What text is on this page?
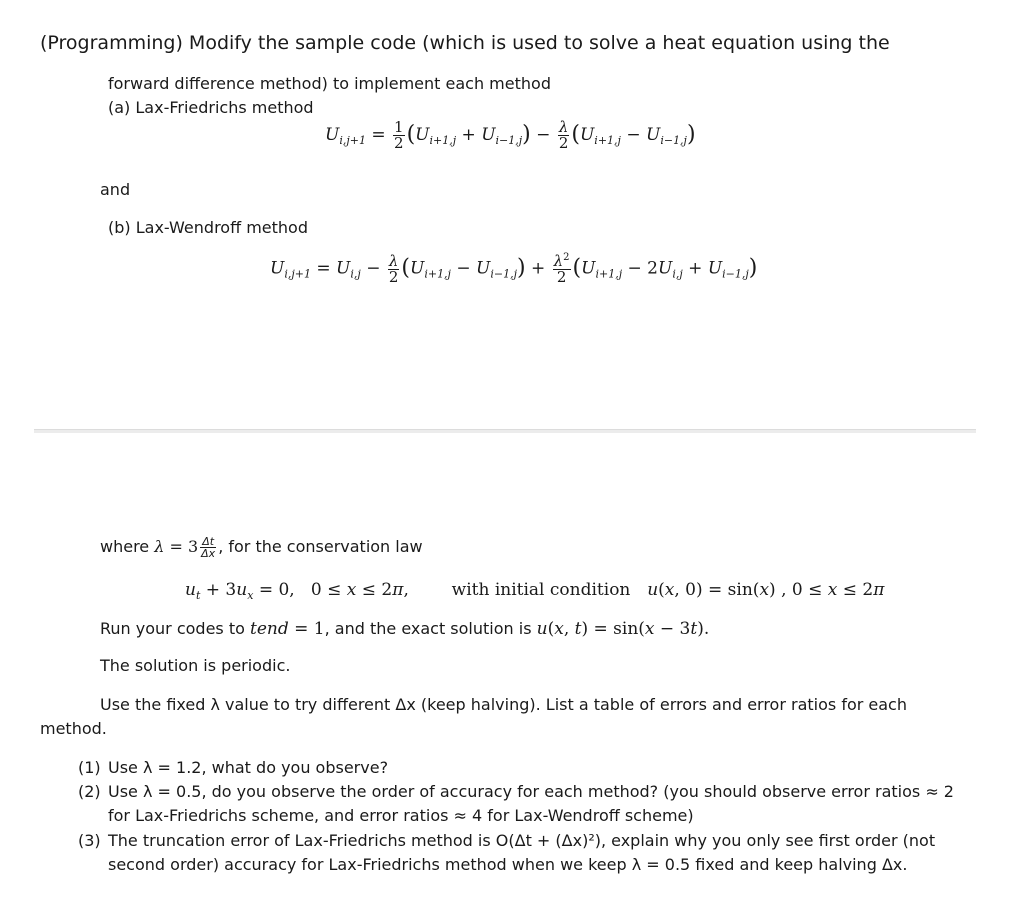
(Programming) Modify the sample code (which is used to solve a heat equation using the
forward difference method) to implement each method
(a) Lax-Friedrichs method
$U_{i,j+1} = \frac{1}{2} (U_{i+1,j} + U_{i-1,j}) - \frac{\lambda}{2} (U_{i+1,j} - U_{i-1,j})$
and
(b) Lax-Wendroff method
$U_{i,j+1} = U_{i,j} - \frac{\lambda}{2} (U_{i+1,j} - U_{i-1,j}) + \frac{\lambda^2}{2} (U_{i+1,j} - 2U_{i,j} + U_{i-1,j})$
where $\lambda = 3 \frac{\Delta t}{\Delta x}$ , for the conservation law
$u_t + 3u_x = 0$,   0 ≤ x ≤ 2π,  with initial condition u(x, 0) = sin(x) , 0 ≤ x ≤ 2π
Run your codes to tend = 1, and the exact solution is u(x, t) = sin(x − 3t).
The solution is periodic.
Use the fixed λ value to try different Δx (keep halving). List a table of errors and error ratios for each
method.
(1) Use λ = 1.2, what do you observe?
(2) Use λ = 0.5, do you observe the order of accuracy for each method? (you should observe error ratios ≈ 2
for Lax-Friedrichs scheme, and error ratios ≈ 4 for Lax-Wendroff scheme)
(3) The truncation error of Lax-Friedrichs method is O(Δt + (Δx)²), explain why you only see first order (not
second order) accuracy for Lax-Friedrichs method when we keep λ = 0.5 fixed and keep halving Δx.
